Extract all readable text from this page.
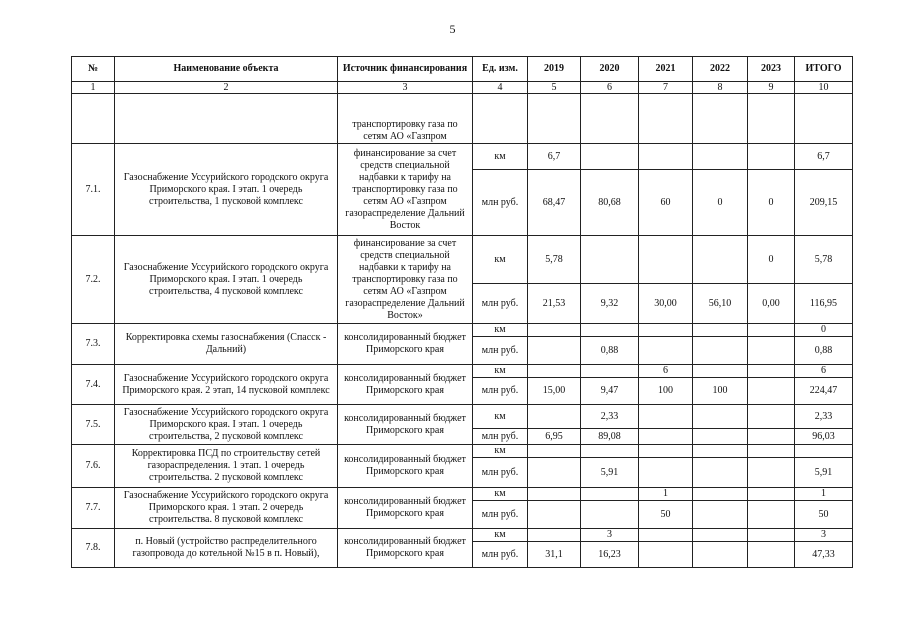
5
№	Наименование объекта	Источник финансирования	Ед. изм.	2019	2020	2021	2022	2023	ИТОГО
1	2	3	4	5	6	7	8	9	10
		транспортировку газа по сетям АО «Газпром							
7.1.	Газоснабжение Уссурийского городского округа Приморского края. I этап. 1 очередь строительства, 1 пусковой комплекс	финансирование за счет средств специальной надбавки к тарифу на транспортировку газа по сетям АО «Газпром газораспределение Дальний Восток	км	6,7					6,7
			млн руб.	68,47	80,68	60	0	0	209,15
7.2.	Газоснабжение Уссурийского городского округа Приморского края. I этап. 1 очередь строительства, 4 пусковой комплекс	финансирование за счет средств специальной надбавки к тарифу на транспортировку газа по сетям АО «Газпром газораспределение Дальний Восток»	км	5,78				0	5,78
			млн руб.	21,53	9,32	30,00	56,10	0,00	116,95
7.3.	Корректировка схемы газоснабжения (Спасск - Дальний)	консолидированный бюджет Приморского края	км						0
			млн руб.		0,88				0,88
7.4.	Газоснабжение Уссурийского городского округа Приморского края. 2 этап, 14 пусковой комплекс	консолидированный бюджет Приморского края	км			6			6
			млн руб.	15,00	9,47	100	100		224,47
7.5.	Газоснабжение Уссурийского городского округа Приморского края. I этап. 1 очередь строительства, 2 пусковой комплекс	консолидированный бюджет Приморского края	км		2,33				2,33
			млн руб.	6,95	89,08				96,03
7.6.	Корректировка ПСД по строительству сетей газораспределения. 1 этап. 1 очередь строительства. 2 пусковой комплекс	консолидированный бюджет Приморского края	км						
			млн руб.		5,91				5,91
7.7.	Газоснабжение Уссурийского городского округа Приморского края. 1 этап. 2 очередь строительства. 8 пусковой комплекс	консолидированный бюджет Приморского края	км			1			1
			млн руб.			50			50
7.8.	п. Новый (устройство распределительного газопровода до котельной №15 в п. Новый),	консолидированный бюджет Приморского края	км		3				3
			млн руб.	31,1	16,23				47,33
